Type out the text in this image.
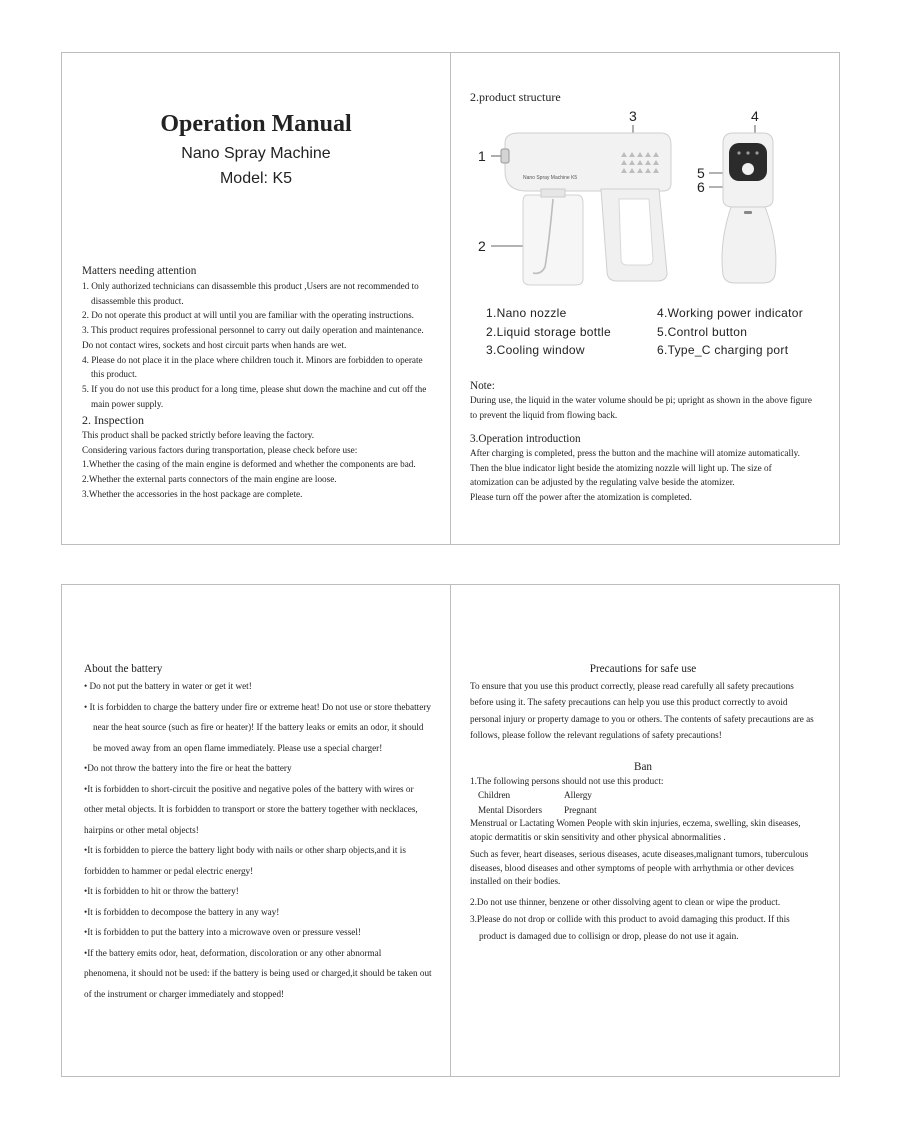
Operation Manual
Nano Spray Machine
Model: K5
Matters needing attention
1. Only authorized technicians can disassemble this product ,Users are not recommended to
disassemble this product.
2. Do not operate this product at will until you are familiar with the operating instructions.
3. This product requires professional personnel to carry out daily operation and maintenance.
Do not contact wires, sockets and host circuit parts when hands are wet.
4. Please do not place it in the place where children touch it. Minors are forbidden to operate
this product.
5. If you do not use this product for a long time, please shut down the machine and cut off the
main power supply.
2. Inspection
This product shall be packed strictly before leaving the factory.
Considering various factors during transportation, please check before use:
1.Whether the casing of the main engine is deformed and whether the components are bad.
2.Whether the external parts connectors of the main engine are loose.
3.Whether the accessories in the host package are complete.
2.product structure
Nano Spray Machine K5
1
2
3	4
5
6
1.Nano nozzle
2.Liquid storage bottle
3.Cooling window
4.Working power indicator
5.Control button
6.Type_C charging port
Note:
During use, the liquid in the water volume should be pi; upright as shown in the above figure
to prevent the liquid from flowing back.
3.Operation introduction
After charging is completed, press the button and the machine will atomize automatically.
Then the blue indicator light beside the atomizing nozzle will light up. The size of
atomization can be adjusted by the regulating valve beside the atomizer.
Please turn off the power after the atomization is completed.
About the battery
• Do not put the battery in water or get it wet!
• It is forbidden to charge the battery under fire or extreme heat! Do not use or store thebattery
near the heat source (such as fire or heater)! If the battery leaks or emits an odor, it should
be moved away from an open flame immediately. Please use a special charger!
•Do not throw the battery into the fire or heat the battery
•It is forbidden to short-circuit the positive and negative poles of the battery with wires or
other metal objects. It is forbidden to transport or store the battery together with necklaces,
hairpins or other metal objects!
•It is forbidden to pierce the battery light body with nails or other sharp objects,and it is
forbidden to hammer or pedal electric energy!
•It is forbidden to hit or throw the battery!
•It is forbidden to decompose the battery in any way!
•It is forbidden to put the battery into a microwave oven or pressure vessel!
•If the battery emits odor, heat, deformation, discoloration or any other abnormal
phenomena, it should not be used: if the battery is being used or charged,it should be taken out
of the instrument or charger immediately and stopped!
Precautions for safe use
To ensure that you use this product correctly, please read carefully all safety precautions
before using it. The safety precautions can help you use this product correctly to avoid
personal injury or property damage to you or others. The contents of safety precautions are as
follows, please follow the relevant regulations of safety precautions!
Ban
1.The following persons should not use this product:
Children	Allergy
Mental Disorders Pregnant
Menstrual or Lactating Women People with skin injuries, eczema, swelling, skin diseases,
atopic dermatitis or skin sensitivity and other physical abnormalities .
Such as fever, heart diseases, serious diseases, acute diseases,malignant tumors, tuberculous
diseases, blood diseases and other symptoms of people with arrhythmia or other devices
installed on their bodies.
2.Do not use thinner, benzene or other dissolving agent to clean or wipe the product.
3.Please do not drop or collide with this product to avoid damaging this product. If this
product is damaged due to collisign or drop, please do not use it again.
